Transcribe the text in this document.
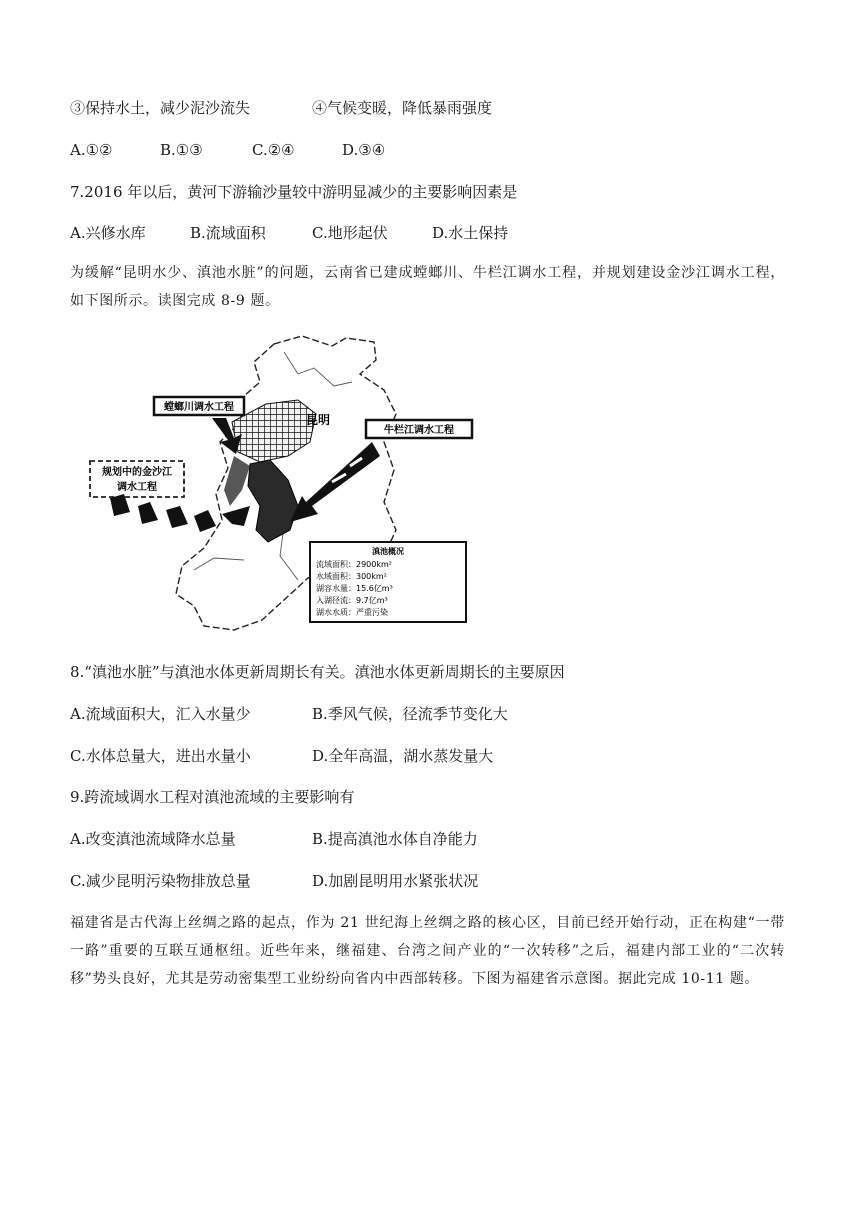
③保持水土，减少泥沙流失	④气候变暖，降低暴雨强度
A.①②	B.①③	C.②④	D.③④
7.2016 年以后，黄河下游输沙量较中游明显减少的主要影响因素是
A.兴修水库	B.流域面积	C.地形起伏	D.水土保持
为缓解“昆明水少、滇池水脏”的问题，云南省已建成螳螂川、牛栏江调水工程，并规划建设金沙江调水工程，如下图所示。读图完成 8-9 题。
螳螂川调水工程
牛栏江调水工程
昆明
规划中的金沙江
调水工程
滇池概况
流域面积：2900km²
水域面积：300km²
湖容水量：15.6亿m³
入湖径流：9.7亿m³
湖水水质：严重污染
8.“滇池水脏”与滇池水体更新周期长有关。滇池水体更新周期长的主要原因
A.流域面积大，汇入水量少	B.季风气候，径流季节变化大
C.水体总量大，进出水量小	D.全年高温，湖水蒸发量大
9.跨流域调水工程对滇池流域的主要影响有
A.改变滇池流域降水总量	B.提高滇池水体自净能力
C.减少昆明污染物排放总量	D.加剧昆明用水紧张状况
福建省是古代海上丝绸之路的起点，作为 21 世纪海上丝绸之路的核心区，目前已经开始行动，正在构建“一带一路”重要的互联互通枢纽。近些年来，继福建、台湾之间产业的“一次转移”之后，福建内部工业的“二次转移”势头良好，尤其是劳动密集型工业纷纷向省内中西部转移。下图为福建省示意图。据此完成 10-11 题。
